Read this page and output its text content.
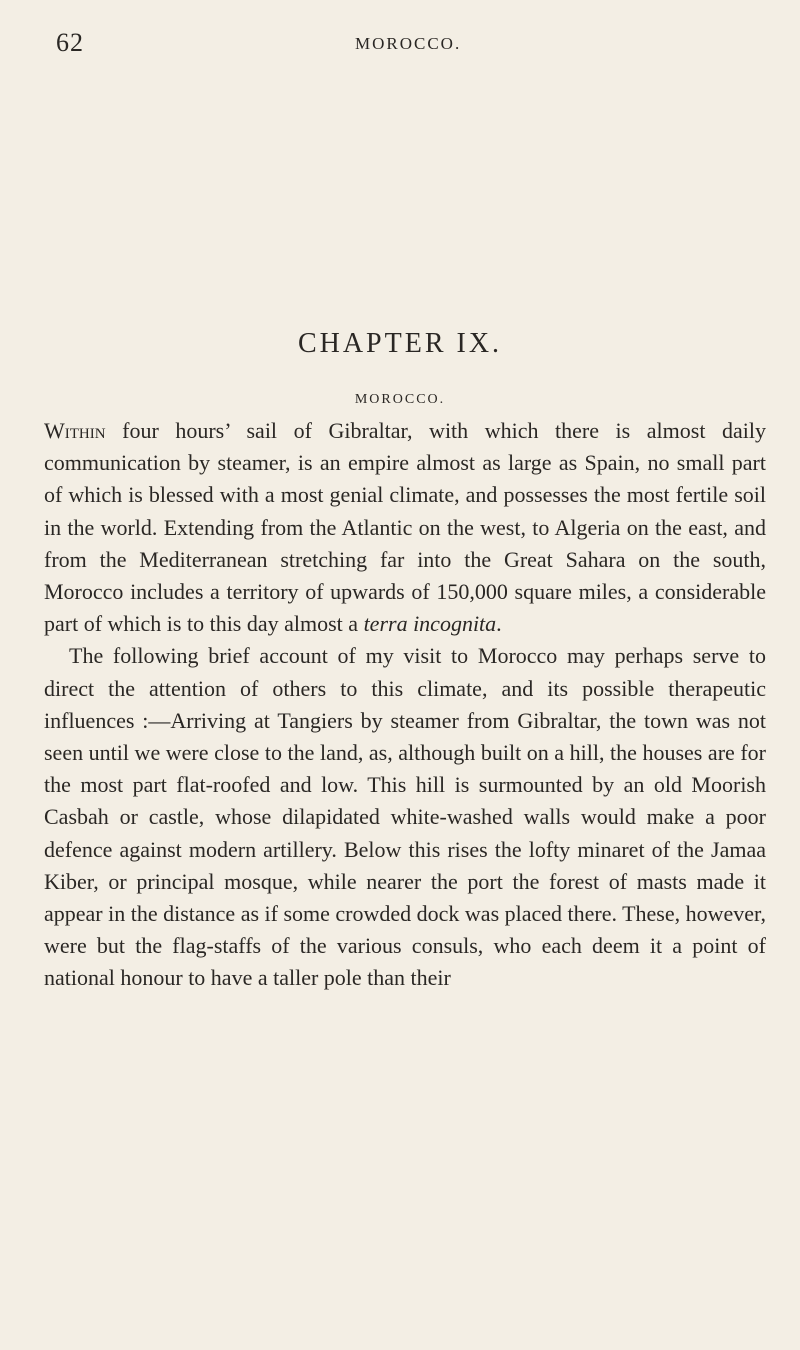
62	MOROCCO.
CHAPTER IX.
MOROCCO.

Within four hours’ sail of Gibraltar, with which there is almost daily communication by steamer, is an empire almost as large as Spain, no small part of which is blessed with a most genial climate, and possesses the most fertile soil in the world. Extending from the Atlantic on the west, to Algeria on the east, and from the Mediterranean stretching far into the Great Sahara on the south, Morocco includes a territory of upwards of 150,000 square miles, a considerable part of which is to this day almost a terra incognita.

The following brief account of my visit to Morocco may perhaps serve to direct the attention of others to this climate, and its possible therapeutic influences :—Arriving at Tangiers by steamer from Gibraltar, the town was not seen until we were close to the land, as, although built on a hill, the houses are for the most part flat-roofed and low. This hill is surmounted by an old Moorish Casbah or castle, whose dilapidated white-washed walls would make a poor defence against modern artillery. Below this rises the lofty minaret of the Jamaa Kiber, or principal mosque, while nearer the port the forest of masts made it appear in the distance as if some crowded dock was placed there. These, however, were but the flag-staffs of the various consuls, who each deem it a point of national honour to have a taller pole than their
